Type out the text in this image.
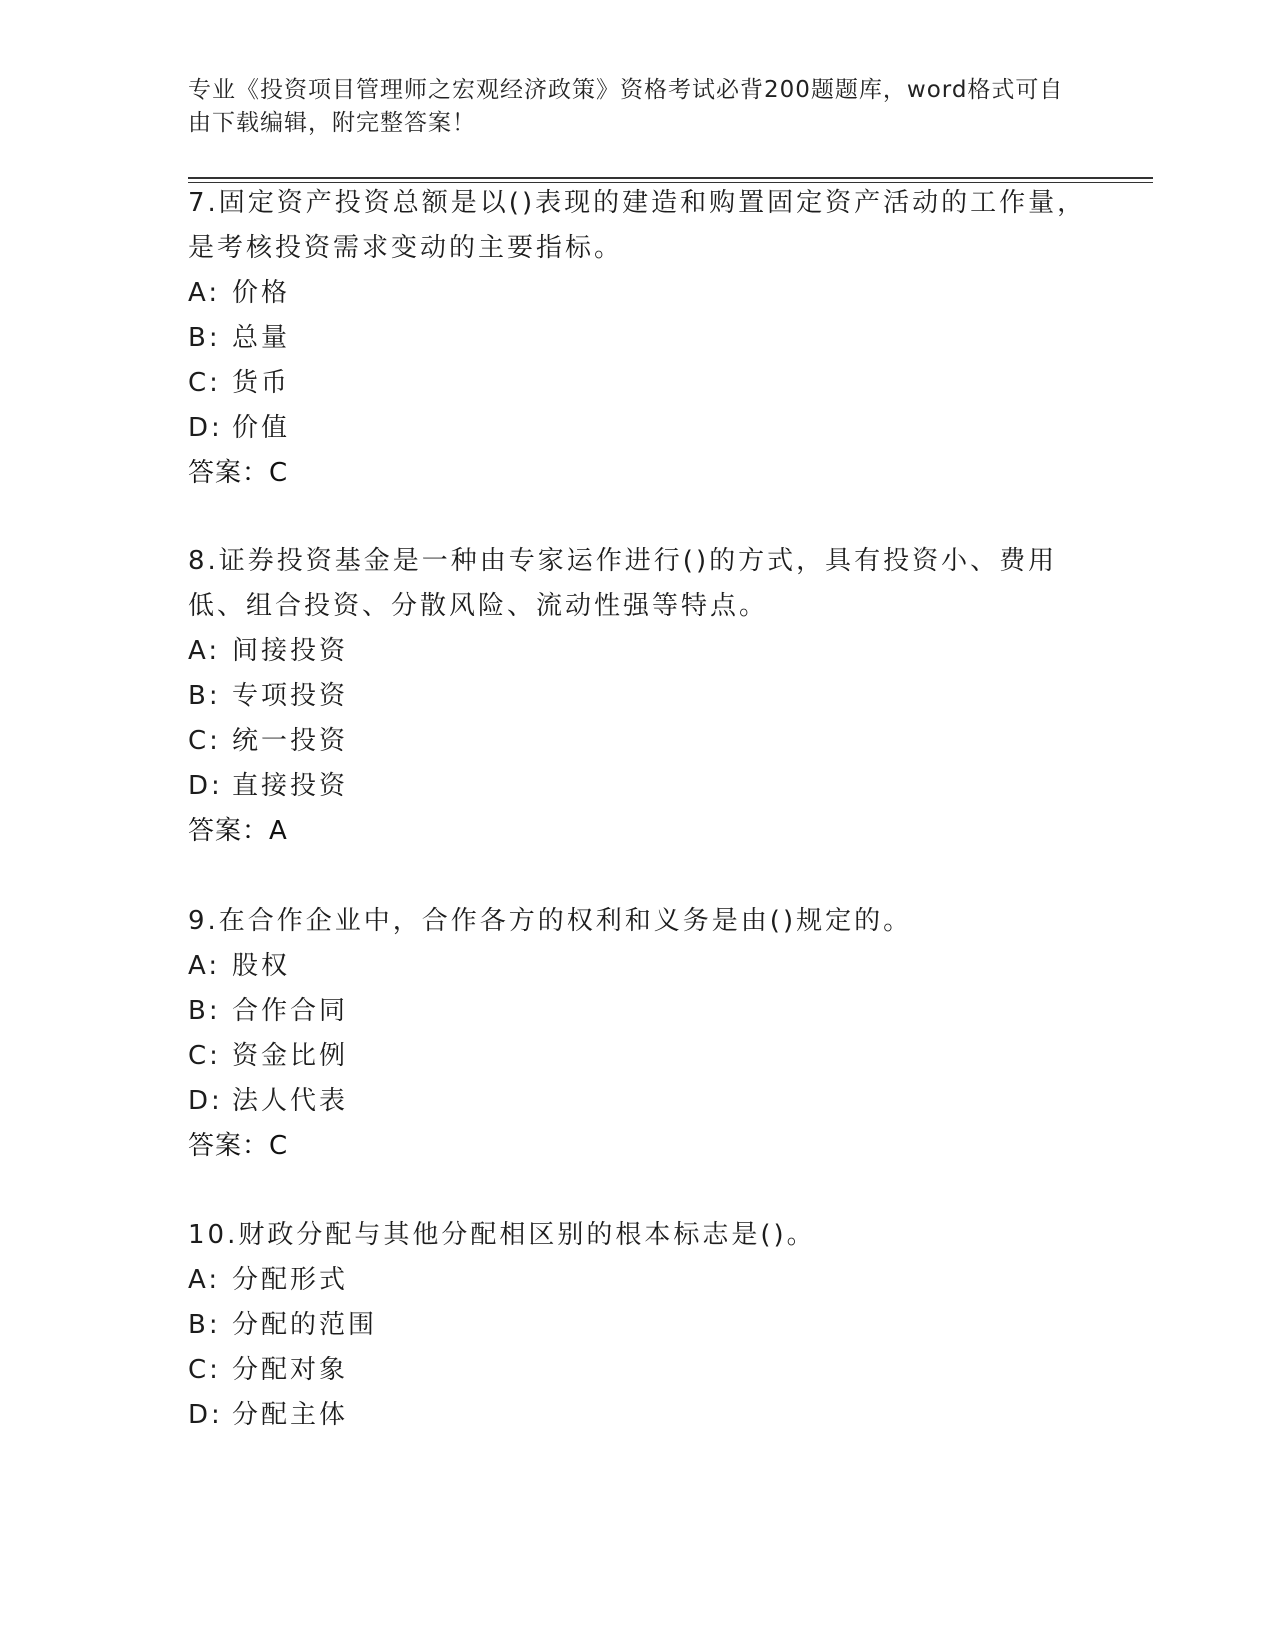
专业《投资项目管理师之宏观经济政策》资格考试必背200题题库，word格式可自由下载编辑，附完整答案！

7.固定资产投资总额是以()表现的建造和购置固定资产活动的工作量，是考核投资需求变动的主要指标。

A: 价格

B: 总量

C: 货币

D: 价值

答案：C

8.证券投资基金是一种由专家运作进行()的方式，具有投资小、费用低、组合投资、分散风险、流动性强等特点。

A: 间接投资

B: 专项投资

C: 统一投资

D: 直接投资

答案：A

9.在合作企业中，合作各方的权利和义务是由()规定的。

A: 股权

B: 合作合同

C: 资金比例

D: 法人代表

答案：C

10.财政分配与其他分配相区别的根本标志是()。

A: 分配形式

B: 分配的范围

C: 分配对象

D: 分配主体
